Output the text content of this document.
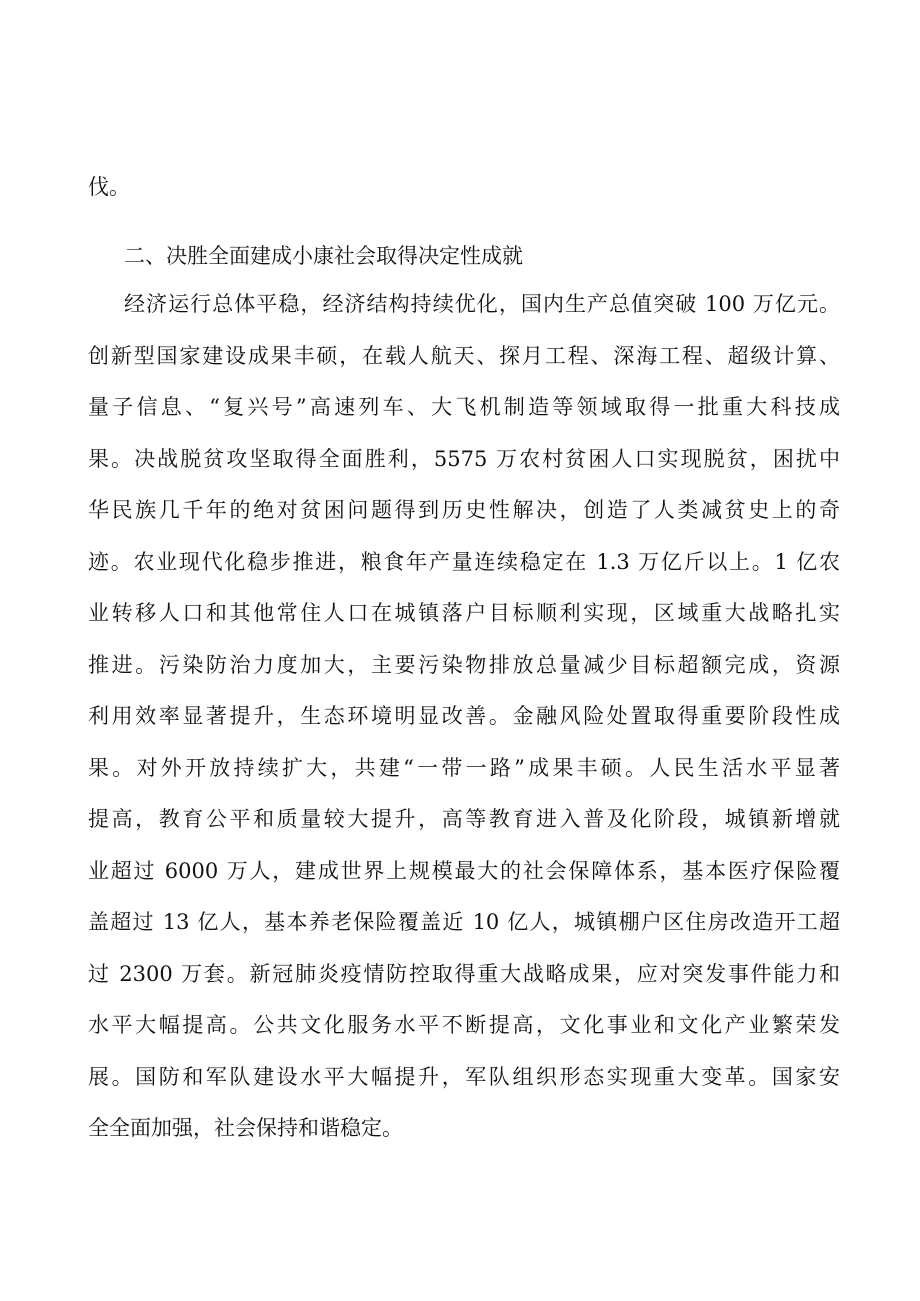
伐。
二、决胜全面建成小康社会取得决定性成就
经济运行总体平稳，经济结构持续优化，国内生产总值突破 100 万亿元。
创新型国家建设成果丰硕，在载人航天、探月工程、深海工程、超级计算、
量子信息、“复兴号”高速列车、大飞机制造等领域取得一批重大科技成
果。决战脱贫攻坚取得全面胜利，5575 万农村贫困人口实现脱贫，困扰中
华民族几千年的绝对贫困问题得到历史性解决，创造了人类减贫史上的奇
迹。农业现代化稳步推进，粮食年产量连续稳定在 1.3 万亿斤以上。1 亿农
业转移人口和其他常住人口在城镇落户目标顺利实现，区域重大战略扎实
推进。污染防治力度加大，主要污染物排放总量减少目标超额完成，资源
利用效率显著提升，生态环境明显改善。金融风险处置取得重要阶段性成
果。对外开放持续扩大，共建“一带一路”成果丰硕。人民生活水平显著
提高，教育公平和质量较大提升，高等教育进入普及化阶段，城镇新增就
业超过 6000 万人，建成世界上规模最大的社会保障体系，基本医疗保险覆
盖超过 13 亿人，基本养老保险覆盖近 10 亿人，城镇棚户区住房改造开工超
过 2300 万套。新冠肺炎疫情防控取得重大战略成果，应对突发事件能力和
水平大幅提高。公共文化服务水平不断提高，文化事业和文化产业繁荣发
展。国防和军队建设水平大幅提升，军队组织形态实现重大变革。国家安
全全面加强，社会保持和谐稳定。
